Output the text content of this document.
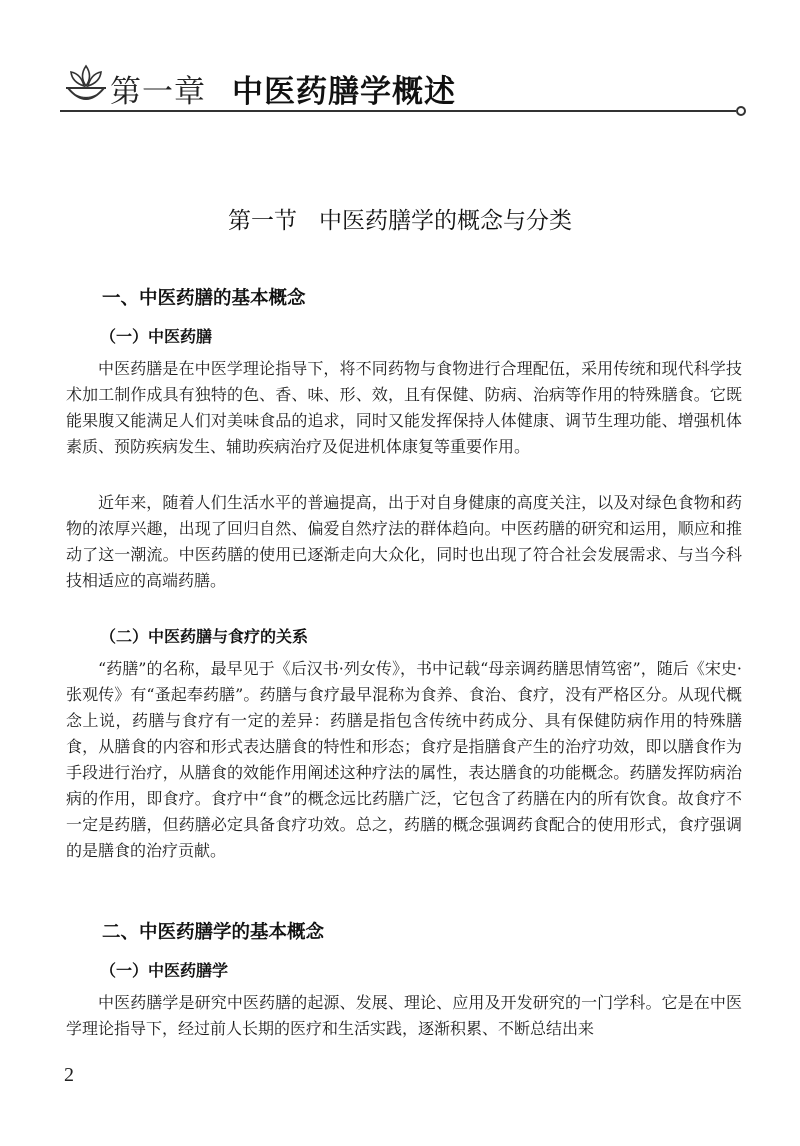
第一章 中医药膳学概述
第一节 中医药膳学的概念与分类
一、中医药膳的基本概念
（一）中医药膳

中医药膳是在中医学理论指导下，将不同药物与食物进行合理配伍，采用传统和现代科学技术加工制作成具有独特的色、香、味、形、效，且有保健、防病、治病等作用的特殊膳食。它既能果腹又能满足人们对美味食品的追求，同时又能发挥保持人体健康、调节生理功能、增强机体素质、预防疾病发生、辅助疾病治疗及促进机体康复等重要作用。

近年来，随着人们生活水平的普遍提高，出于对自身健康的高度关注，以及对绿色食物和药物的浓厚兴趣，出现了回归自然、偏爱自然疗法的群体趋向。中医药膳的研究和运用，顺应和推动了这一潮流。中医药膳的使用已逐渐走向大众化，同时也出现了符合社会发展需求、与当今科技相适应的高端药膳。

（二）中医药膳与食疗的关系

“药膳”的名称，最早见于《后汉书·列女传》，书中记载“母亲调药膳思情笃密”，随后《宋史·张观传》有“蚤起奉药膳”。药膳与食疗最早混称为食养、食治、食疗，没有严格区分。从现代概念上说，药膳与食疗有一定的差异：药膳是指包含传统中药成分、具有保健防病作用的特殊膳食，从膳食的内容和形式表达膳食的特性和形态；食疗是指膳食产生的治疗功效，即以膳食作为手段进行治疗，从膳食的效能作用阐述这种疗法的属性，表达膳食的功能概念。药膳发挥防病治病的作用，即食疗。食疗中“食”的概念远比药膳广泛，它包含了药膳在内的所有饮食。故食疗不一定是药膳，但药膳必定具备食疗功效。总之，药膳的概念强调药食配合的使用形式，食疗强调的是膳食的治疗贡献。

二、中医药膳学的基本概念
（一）中医药膳学

中医药膳学是研究中医药膳的起源、发展、理论、应用及开发研究的一门学科。它是在中医学理论指导下，经过前人长期的医疗和生活实践，逐渐积累、不断总结出来

2
